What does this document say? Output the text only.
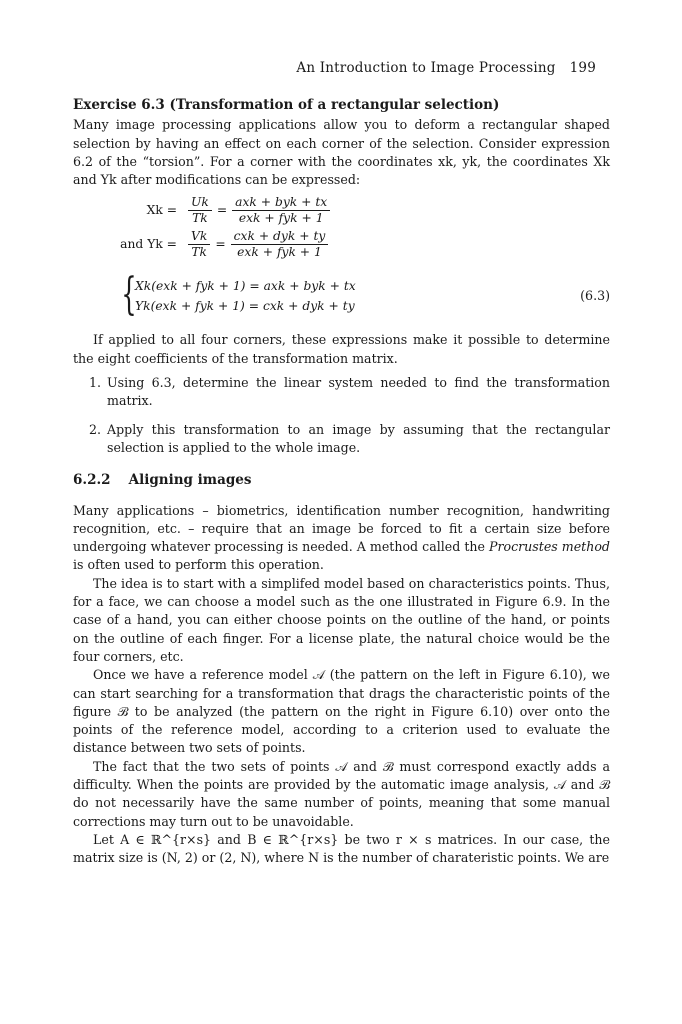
An Introduction to Image Processing 199

Exercise 6.3 (Transformation of a rectangular selection)

Many image processing applications allow you to deform a rectangular shaped selection by having an effect on each corner of the selection. Consider expression 6.2 of the “torsion”. For a corner with the coordinates xk, yk, the coordinates Xk and Yk after modifications can be expressed:

$Xk = \frac{Uk}{Tk} = \frac{\text{axk + byk + tx}}{\text{exk + fyk + 1}}$
and $Yk = \frac{Vk}{Tk} = \frac{\text{cxk + dyk + ty}}{\text{exk + fyk + 1}}$
{
Xk(exk + fyk + 1) = axk + byk + tx
Yk(exk + fyk + 1) = cxk + dyk + ty
(6.3)

If applied to all four corners, these expressions make it possible to determine the eight coefficients of the transformation matrix.

1. Using 6.3, determine the linear system needed to find the transformation matrix.
2. Apply this transformation to an image by assuming that the rectangular selection is applied to the whole image.
6.2.2 Aligning images

Many applications – biometrics, identification number recognition, handwriting recognition, etc. – require that an image be forced to fit a certain size before undergoing whatever processing is needed. A method called the Procrustes method is often used to perform this operation.

The idea is to start with a simplifed model based on characteristics points. Thus, for a face, we can choose a model such as the one illustrated in Figure 6.9. In the case of a hand, you can either choose points on the outline of the hand, or points on the outline of each finger. For a license plate, the natural choice would be the four corners, etc.

Once we have a reference model 𝒜 (the pattern on the left in Figure 6.10), we can start searching for a transformation that drags the characteristic points of the figure ℬ to be analyzed (the pattern on the right in Figure 6.10) over onto the points of the reference model, according to a criterion used to evaluate the distance between two sets of points.

The fact that the two sets of points 𝒜 and ℬ must correspond exactly adds a difficulty. When the points are provided by the automatic image analysis, 𝒜 and ℬ do not necessarily have the same number of points, meaning that some manual corrections may turn out to be unavoidable.

Let A ∈ ℝ^{r×s} and B ∈ ℝ^{r×s} be two r × s matrices. In our case, the matrix size is (N, 2) or (2, N), where N is the number of charateristic points. We are
